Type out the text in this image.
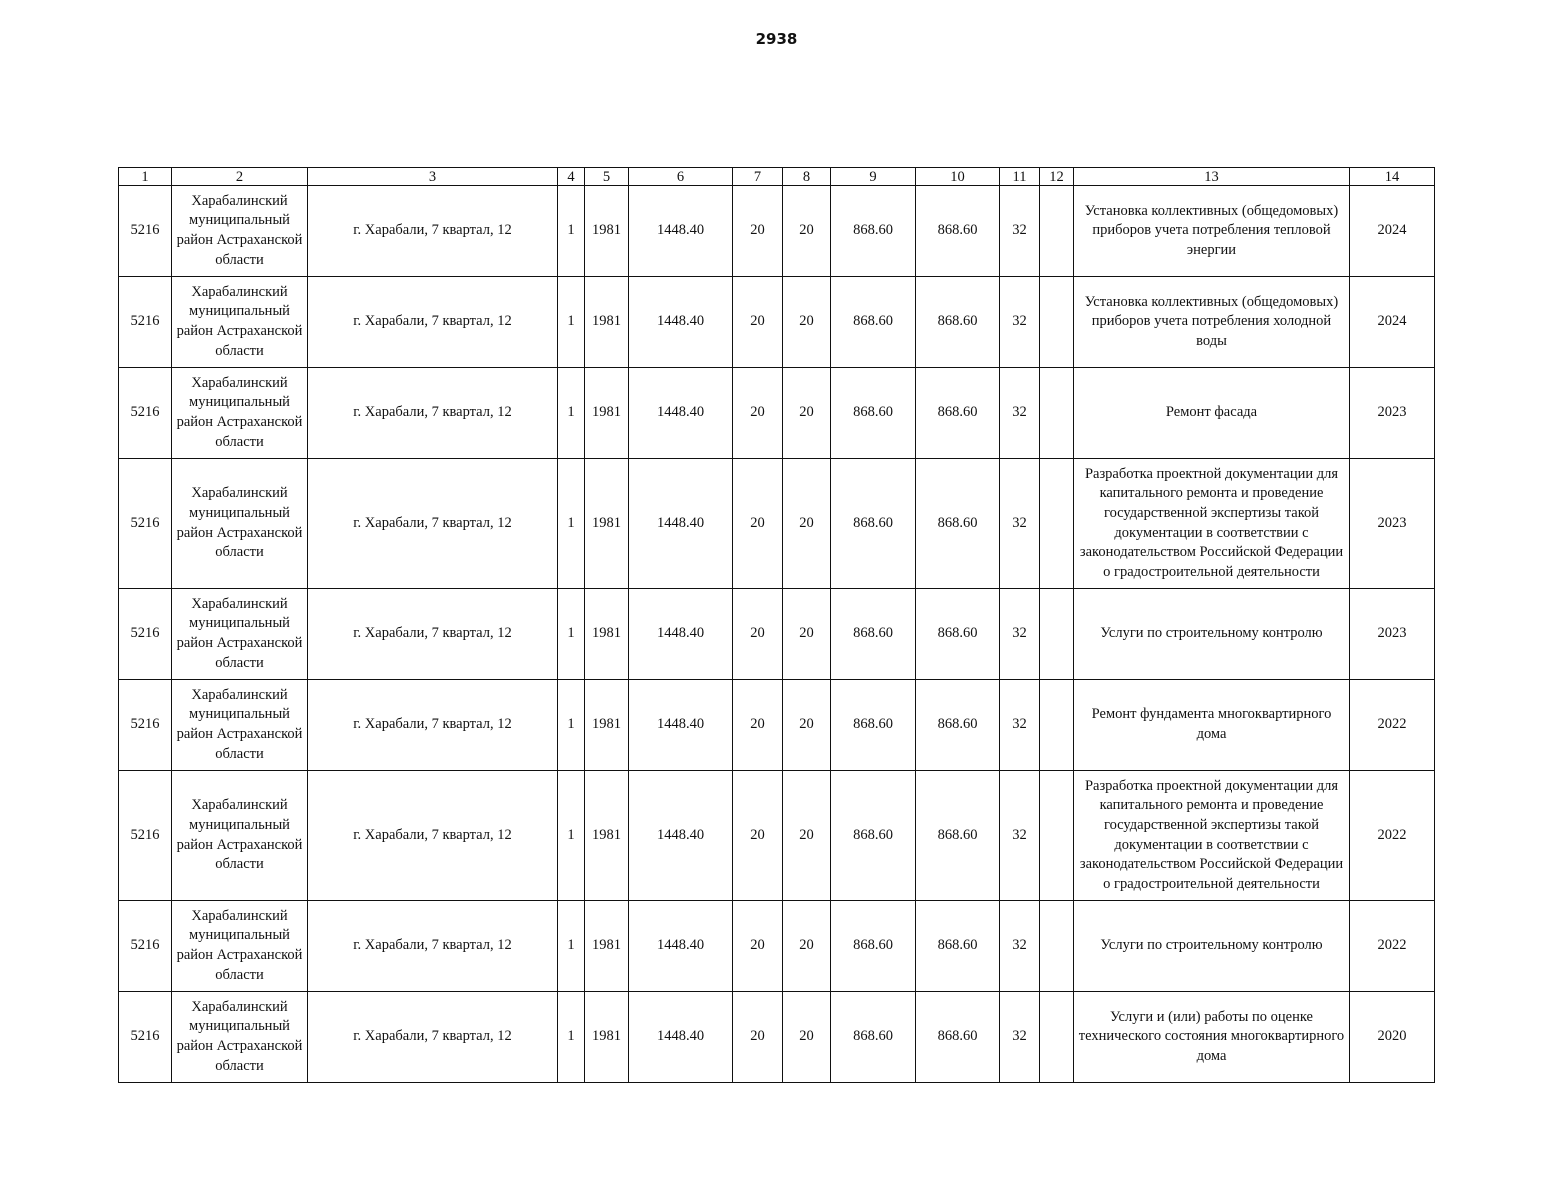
2938
1	2	3	4	5	6	7	8	9	10	11	12	13	14

5216	Харабалинский муниципальный район Астраханской области	г. Харабали, 7 квартал, 12	1	1981	1448.40	20	20	868.60	868.60	32		Установка коллективных (общедомовых) приборов учета потребления тепловой энергии	2024

5216	Харабалинский муниципальный район Астраханской области	г. Харабали, 7 квартал, 12	1	1981	1448.40	20	20	868.60	868.60	32		Установка коллективных (общедомовых) приборов учета потребления холодной воды	2024

5216	Харабалинский муниципальный район Астраханской области	г. Харабали, 7 квартал, 12	1	1981	1448.40	20	20	868.60	868.60	32		Ремонт фасада	2023

5216	Харабалинский муниципальный район Астраханской области	г. Харабали, 7 квартал, 12	1	1981	1448.40	20	20	868.60	868.60	32		Разработка проектной документации для капитального ремонта и проведение государственной экспертизы такой документации в соответствии с законодательством Российской Федерации о градостроительной деятельности	2023

5216	Харабалинский муниципальный район Астраханской области	г. Харабали, 7 квартал, 12	1	1981	1448.40	20	20	868.60	868.60	32		Услуги по строительному контролю	2023

5216	Харабалинский муниципальный район Астраханской области	г. Харабали, 7 квартал, 12	1	1981	1448.40	20	20	868.60	868.60	32		Ремонт фундамента многоквартирного дома	2022

5216	Харабалинский муниципальный район Астраханской области	г. Харабали, 7 квартал, 12	1	1981	1448.40	20	20	868.60	868.60	32		Разработка проектной документации для капитального ремонта и проведение государственной экспертизы такой документации в соответствии с законодательством Российской Федерации о градостроительной деятельности	2022

5216	Харабалинский муниципальный район Астраханской области	г. Харабали, 7 квартал, 12	1	1981	1448.40	20	20	868.60	868.60	32		Услуги по строительному контролю	2022

5216	Харабалинский муниципальный район Астраханской области	г. Харабали, 7 квартал, 12	1	1981	1448.40	20	20	868.60	868.60	32		Услуги и (или) работы по оценке технического состояния многоквартирного дома	2020
